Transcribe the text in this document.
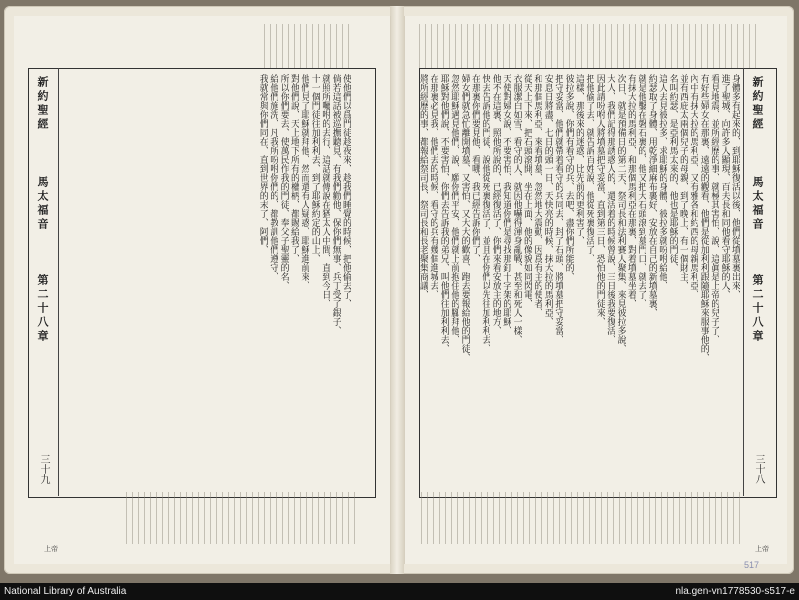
新約聖經
馬太福音
第二十八章
三十九
使他們以爲門徒趁夜來、趁我們睡覺的時候、把他偷去了、
倘若這話被巡撫聽見、有我們勸他、保你們無事、兵丁受了銀子、
就照所囑咐的去行、這話就傳說在猶太人中間、直到今日、
十一個門徒往加利利去、到了耶穌約定的山上、
他們見了耶穌就拜他、然而還有人疑惑、耶穌進前來、
對他們說、天上地下所有的權柄、都賜給我了、
所以你們要去、使萬民作我的門徒、奉父子聖靈的名、
給他們施洗、凡我所吩咐你們的、都教訓他們遵守、
我就常與你們同在、直到世界的末了、阿們、
上帝
新約聖經
馬太福音
第二十八章
三十八
身體多有起來的、到耶穌復活以後、他們從墳墓裏出來、
進了聖城、向許多人顯現、百夫長和同他看守耶穌的人、
看見地震、並所經歷的事、就極其害怕、說、這眞是上帝的兒子了、
有好些婦女在那裏、遠遠的觀看、他們是從加利利跟隨耶穌來服事他的、
內中有抹大拉的馬利亞、又有雅各和約西的母親馬利亞、
並有西庇太兩個兒子的母親、到了晚上、有一個財主、
名叫約瑟、是亞利馬太來的、他也是耶穌的門徒、
這人去見彼拉多、求耶穌的身體、彼拉多就吩咐給他、
約瑟取了身體、用乾淨細麻布裹好、安放在自己的新墳墓裏、
就是他鑿在磐石裏的、他又把大石頭滾到墓門口、就去了、
有抹大拉的馬利亞、和那個馬利亞在那裏、對着墳墓坐着、
次日、就是預備日的第二天、祭司長和法利賽人聚集、來見彼拉多說、
大人、我們記得那誘惑人的、還活着的時候曾說、三日後我要復活、
因此請吩咐人將墳墓把守妥當、直到第三日、恐怕他的門徒來、
把他偷了去、就告訴百姓說、他從死裏復活了、
這樣、那後來的迷惑、比先前的更利害了、
彼拉多說、你們有看守的兵、去吧、盡你們所能的、
把守妥當、他們就帶着看守的兵同去、封了石頭、將墳墓把守妥當、
安息日將盡、七日的頭一日、天快亮的時候、抹大拉的馬利亞、
和那個馬利亞、來看墳墓、忽然地大震動、因爲有主的使者、
從天上下來、把石頭滾開、坐在上面、他的像貌如同閃電、
衣服潔白如雪、看守的人、就因他嚇得渾身亂戰、甚至和死人一樣、
天使對婦女說、不要害怕、我知道你們是尋找那釘十字架的耶穌、
他不在這裏、照他所說的、已經復活了、你們來看安放主的地方、
快去告訴他的門徒、說他從死裏復活了、並且在你們以先往加利利去、
在那裏你們要見他、看哪、我已經告訴你們了、
婦女們就急忙離開墳墓、又害怕、又大大的歡喜、跑去要報給他的門徒、
忽然耶穌遇見他們、說、願你們平安、他們就上前抱住他的腳拜他、
耶穌對他們說、不要害怕、你們去告訴我的弟兄、叫他們往加利利去、
在那裏必見我、他們去的時候、看守的兵有幾個進城去、
將所經歷的事、都報給祭司長、祭司長和長老聚集商議、
上帝
517
National Library of Australia	nla.gen-vn1778530-s517-e
